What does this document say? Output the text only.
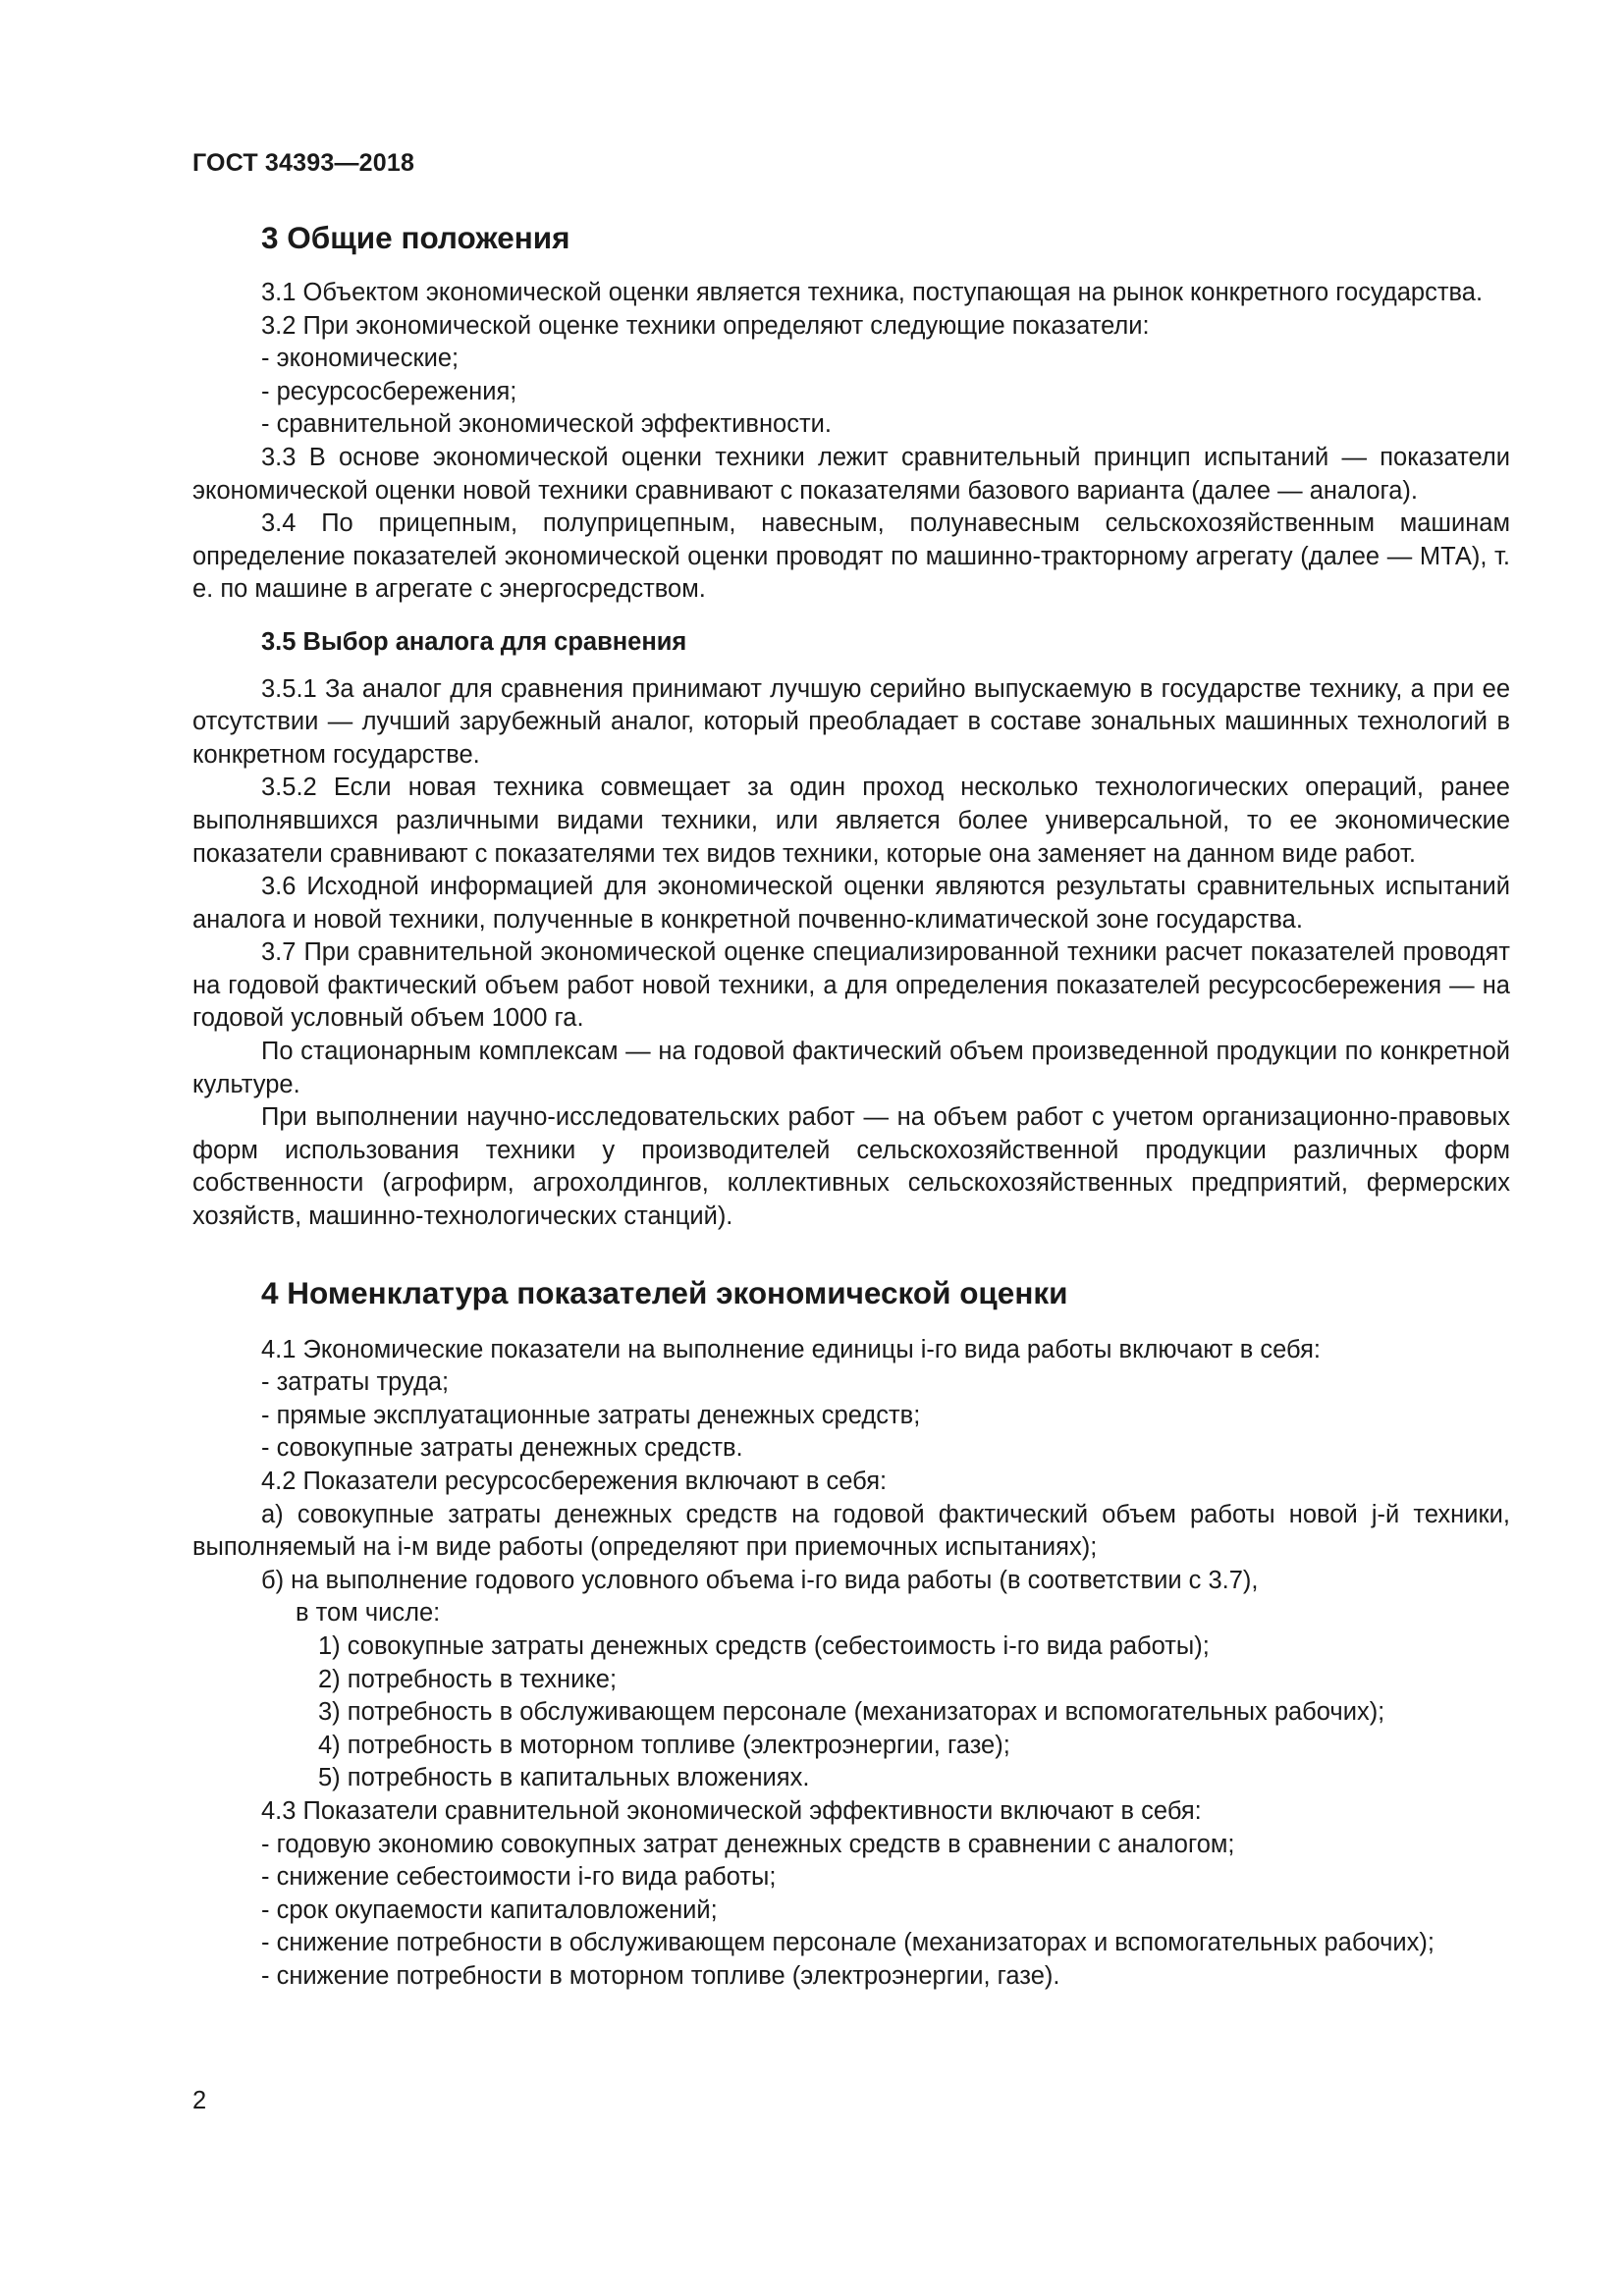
ГОСТ 34393—2018
3 Общие положения

3.1 Объектом экономической оценки является техника, поступающая на рынок конкретного государства.

3.2 При экономической оценке техники определяют следующие показатели:

- экономические;

- ресурсосбережения;

- сравнительной экономической эффективности.

3.3 В основе экономической оценки техники лежит сравнительный принцип испытаний — показатели экономической оценки новой техники сравнивают с показателями базового варианта (далее — аналога).

3.4 По прицепным, полуприцепным, навесным, полунавесным сельскохозяйственным машинам определение показателей экономической оценки проводят по машинно-тракторному агрегату (далее — МТА), т. е. по машине в агрегате с энергосредством.

3.5 Выбор аналога для сравнения

3.5.1 За аналог для сравнения принимают лучшую серийно выпускаемую в государстве технику, а при ее отсутствии — лучший зарубежный аналог, который преобладает в составе зональных машинных технологий в конкретном государстве.

3.5.2 Если новая техника совмещает за один проход несколько технологических операций, ранее выполнявшихся различными видами техники, или является более универсальной, то ее экономические показатели сравнивают с показателями тех видов техники, которые она заменяет на данном виде работ.

3.6 Исходной информацией для экономической оценки являются результаты сравнительных испытаний аналога и новой техники, полученные в конкретной почвенно-климатической зоне государства.

3.7 При сравнительной экономической оценке специализированной техники расчет показателей проводят на годовой фактический объем работ новой техники, а для определения показателей ресурсосбережения — на годовой условный объем 1000 га.

По стационарным комплексам — на годовой фактический объем произведенной продукции по конкретной культуре.

При выполнении научно-исследовательских работ — на объем работ с учетом организационно-правовых форм использования техники у производителей сельскохозяйственной продукции различных форм собственности (агрофирм, агрохолдингов, коллективных сельскохозяйственных предприятий, фермерских хозяйств, машинно-технологических станций).

4 Номенклатура показателей экономической оценки

4.1 Экономические показатели на выполнение единицы i-го вида работы включают в себя:

- затраты труда;

- прямые эксплуатационные затраты денежных средств;

- совокупные затраты денежных средств.

4.2 Показатели ресурсосбережения включают в себя:

а) совокупные затраты денежных средств на годовой фактический объем работы новой j-й техники, выполняемый на i-м виде работы (определяют при приемочных испытаниях);

б) на выполнение годового условного объема i-го вида работы (в соответствии с 3.7),

в том числе:

1) совокупные затраты денежных средств (себестоимость i-го вида работы);

2) потребность в технике;

3) потребность в обслуживающем персонале (механизаторах и вспомогательных рабочих);

4) потребность в моторном топливе (электроэнергии, газе);

5) потребность в капитальных вложениях.

4.3 Показатели сравнительной экономической эффективности включают в себя:

- годовую экономию совокупных затрат денежных средств в сравнении с аналогом;

- снижение себестоимости i-го вида работы;

- срок окупаемости капиталовложений;

- снижение потребности в обслуживающем персонале (механизаторах и вспомогательных рабочих);

- снижение потребности в моторном топливе (электроэнергии, газе).

2
